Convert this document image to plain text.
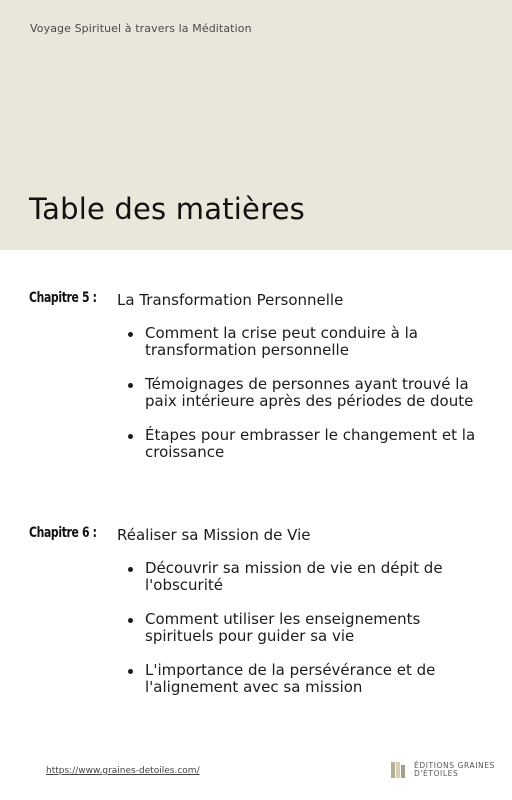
Voyage Spirituel à travers la Méditation
Table des matières
Chapitre 5 : La Transformation Personnelle
Comment la crise peut conduire à la transformation personnelle
Témoignages de personnes ayant trouvé la paix intérieure après des périodes de doute
Étapes pour embrasser le changement et la croissance
Chapitre 6 : Réaliser sa Mission de Vie
Découvrir sa mission de vie en dépit de l'obscurité
Comment utiliser les enseignements spirituels pour guider sa vie
L'importance de la persévérance et de l'alignement avec sa mission
https://www.graines-detoiles.com/
ÉDITIONS GRAINES
D'ÉTOILES
